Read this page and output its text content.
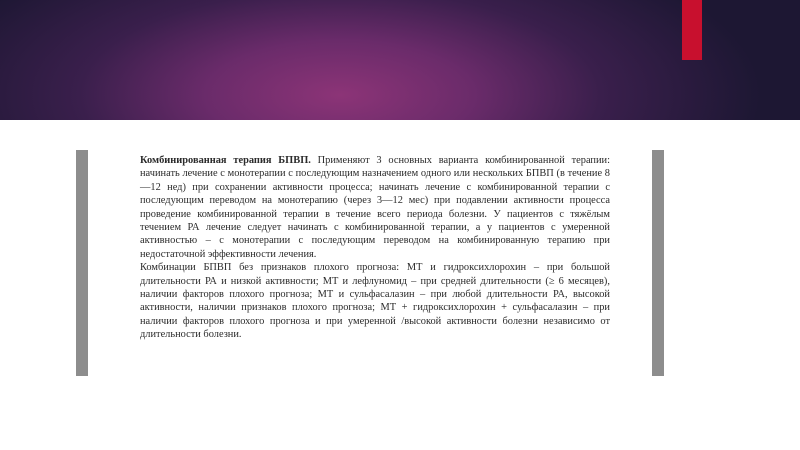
Комбинированная терапия БПВП. Применяют 3 основных варианта комбинированной терапии: начинать лечение с монотерапии с последующим назначением одного или нескольких БПВП (в течение 8—12 нед) при сохранении активности процесса; начинать лечение с комбинированной терапии с последующим переводом на монотерапию (через 3—12 мес) при подавлении активности процесса проведение комбинированной терапии в течение всего периода болезни. У пациентов с тяжёлым течением РА лечение следует начинать с комбинированной терапии, а у пациентов с умеренной активностью – с монотерапии с последующим переводом на комбинированную терапию при недостаточной эффективности лечения.

Комбинации БПВП без признаков плохого прогноза: МТ и гидроксихлорохин – при большой длительности РА и низкой активности; МТ и лефлуномид – при средней длительности (≥ 6 месяцев), наличии факторов плохого прогноза; МТ и сульфасалазин – при любой длительности РА, высокой активности, наличии признаков плохого прогноза; МТ + гидроксихлорохин + сульфасалазин – при наличии факторов плохого прогноза и при умеренной /высокой активности болезни независимо от длительности болезни.
